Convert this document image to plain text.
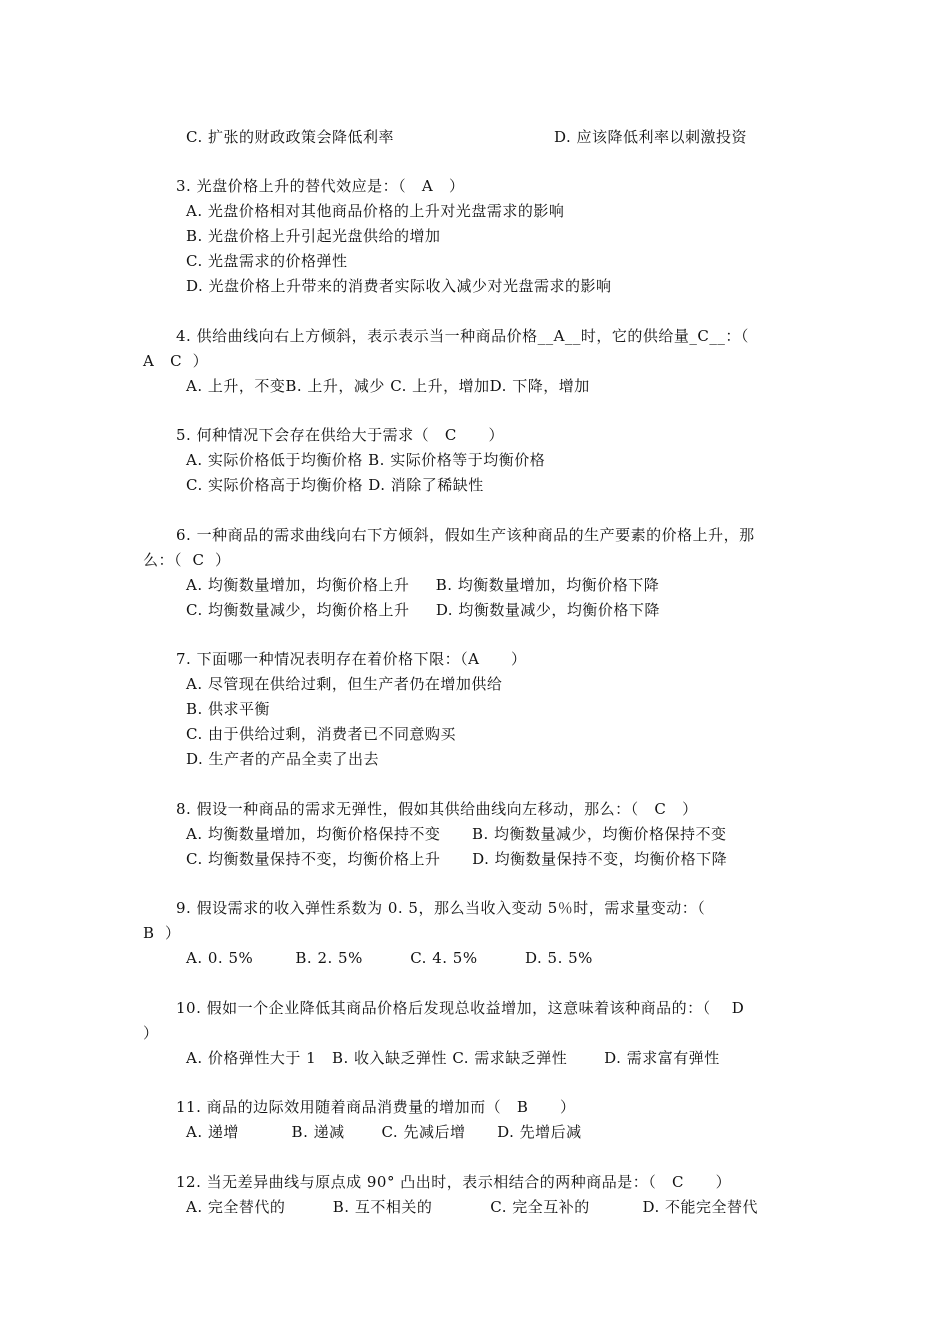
C. 扩张的财政政策会降低利率	D. 应该降低利率以刺激投资
3. 光盘价格上升的替代效应是：（   A   ）
A. 光盘价格相对其他商品价格的上升对光盘需求的影响
B. 光盘价格上升引起光盘供给的增加
C. 光盘需求的价格弹性
D. 光盘价格上升带来的消费者实际收入减少对光盘需求的影响
4. 供给曲线向右上方倾斜，表示表示当一种商品价格__A__时，它的供给量_C__：（
A   C  ）
A. 上升，不变B. 上升，减少 C. 上升，增加D. 下降，增加
5. 何种情况下会存在供给大于需求（   C      ）
A. 实际价格低于均衡价格 B. 实际价格等于均衡价格
C. 实际价格高于均衡价格 D. 消除了稀缺性
6. 一种商品的需求曲线向右下方倾斜，假如生产该种商品的生产要素的价格上升，那
么：（  C  ）
A. 均衡数量增加，均衡价格上升     B. 均衡数量增加，均衡价格下降
C. 均衡数量减少，均衡价格上升     D. 均衡数量减少，均衡价格下降
7. 下面哪一种情况表明存在着价格下限：（A      ）
A. 尽管现在供给过剩，但生产者仍在增加供给
B. 供求平衡
C. 由于供给过剩，消费者已不同意购买
D. 生产者的产品全卖了出去
8. 假设一种商品的需求无弹性，假如其供给曲线向左移动，那么：（   C   ）
A. 均衡数量增加，均衡价格保持不变      B. 均衡数量减少，均衡价格保持不变
C. 均衡数量保持不变，均衡价格上升      D. 均衡数量保持不变，均衡价格下降
9. 假设需求的收入弹性系数为 0. 5，那么当收入变动 5％时，需求量变动：（
B  ）
A. 0. 5%        B. 2. 5%         C. 4. 5%         D. 5. 5%
10. 假如一个企业降低其商品价格后发现总收益增加，这意味着该种商品的：（    D
）
A. 价格弹性大于 1   B. 收入缺乏弹性 C. 需求缺乏弹性       D. 需求富有弹性
11. 商品的边际效用随着商品消费量的增加而（   B      ）
A. 递增          B. 递减       C. 先减后增      D. 先增后减
12. 当无差异曲线与原点成 90° 凸出时，表示相结合的两种商品是：（   C      ）
A. 完全替代的         B. 互不相关的           C. 完全互补的          D. 不能完全替代
